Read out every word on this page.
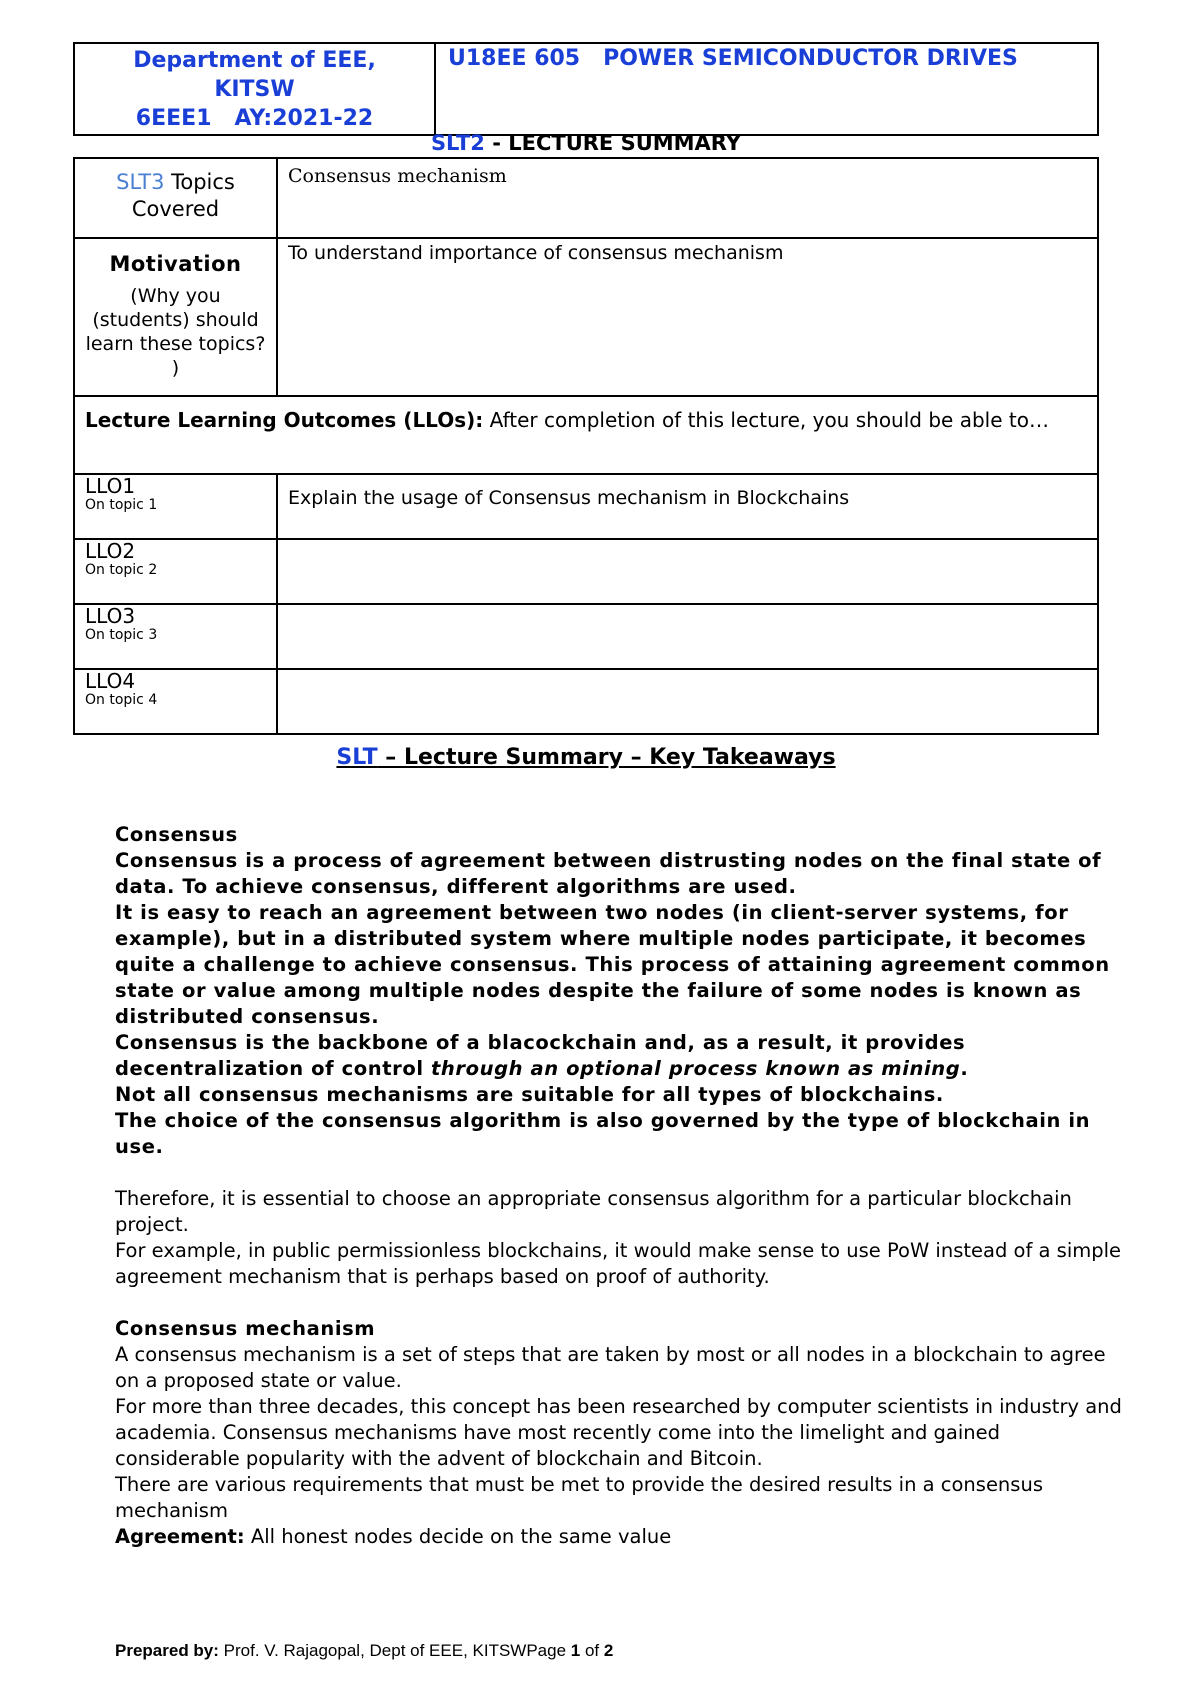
Department of EEE,
KITSW
6EEE1   AY:2021-22
	U18EE 605   POWER SEMICONDUCTOR DRIVES
SLT2 - LECTURE SUMMARY
SLT3 Topics Covered	Consensus mechanism

Motivation
(Why you (students) should learn these topics? )	To understand importance of consensus mechanism
Lecture Learning Outcomes (LLOs): After completion of this lecture, you should be able to…	

LLO1
On topic 1	Explain the usage of Consensus mechanism in Blockchains

LLO2
On topic 2	

LLO3
On topic 3	

LLO4
On topic 4	

SLT – Lecture Summary – Key Takeaways

Consensus

Consensus is a process of agreement between distrusting nodes on the final state of data. To achieve consensus, different algorithms are used.

It is easy to reach an agreement between two nodes (in client-server systems, for example), but in a distributed system where multiple nodes participate, it becomes quite a challenge to achieve consensus. This process of attaining agreement common state or value among multiple nodes despite the failure of some nodes is known as distributed consensus.

Consensus is the backbone of a blacockchain and, as a result, it provides decentralization of control through an optional process known as mining.

Not all consensus mechanisms are suitable for all types of blockchains.

The choice of the consensus algorithm is also governed by the type of blockchain in use.

Therefore, it is essential to choose an appropriate consensus algorithm for a particular blockchain project.

For example, in public permissionless blockchains, it would make sense to use PoW instead of a simple agreement mechanism that is perhaps based on proof of authority.

Consensus mechanism

A consensus mechanism is a set of steps that are taken by most or all nodes in a blockchain to agree on a proposed state or value.

For more than three decades, this concept has been researched by computer scientists in industry and academia. Consensus mechanisms have most recently come into the limelight and gained considerable popularity with the advent of blockchain and Bitcoin.

There are various requirements that must be met to provide the desired results in a consensus mechanism

Agreement: All honest nodes decide on the same value

Prepared by: Prof. V. Rajagopal, Dept of EEE, KITSWPage 1 of 2
